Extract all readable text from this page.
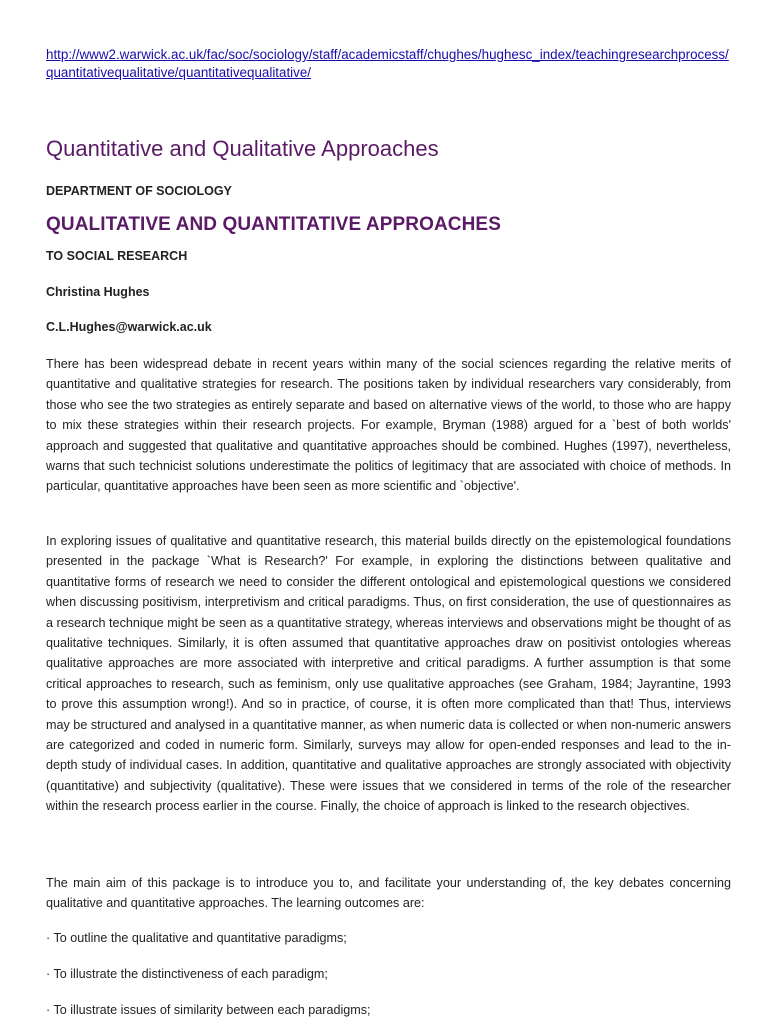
http://www2.warwick.ac.uk/fac/soc/sociology/staff/academicstaff/chughes/hughesc_index/teachingresearchprocess/quantitativequalitative/quantitativequalitative/
Quantitative and Qualitative Approaches

DEPARTMENT OF SOCIOLOGY

QUALITATIVE AND QUANTITATIVE APPROACHES

TO SOCIAL RESEARCH

Christina Hughes

C.L.Hughes@warwick.ac.uk

There has been widespread debate in recent years within many of the social sciences regarding the relative merits of quantitative and qualitative strategies for research. The positions taken by individual researchers vary considerably, from those who see the two strategies as entirely separate and based on alternative views of the world, to those who are happy to mix these strategies within their research projects. For example, Bryman (1988) argued for a `best of both worlds' approach and suggested that qualitative and quantitative approaches should be combined. Hughes (1997), nevertheless, warns that such technicist solutions underestimate the politics of legitimacy that are associated with choice of methods. In particular, quantitative approaches have been seen as more scientific and `objective'.

In exploring issues of qualitative and quantitative research, this material builds directly on the epistemological foundations presented in the package `What is Research?' For example, in exploring the distinctions between qualitative and quantitative forms of research we need to consider the different ontological and epistemological questions we considered when discussing positivism, interpretivism and critical paradigms. Thus, on first consideration, the use of questionnaires as a research technique might be seen as a quantitative strategy, whereas interviews and observations might be thought of as qualitative techniques. Similarly, it is often assumed that quantitative approaches draw on positivist ontologies whereas qualitative approaches are more associated with interpretive and critical paradigms. A further assumption is that some critical approaches to research, such as feminism, only use qualitative approaches (see Graham, 1984; Jayrantine, 1993 to prove this assumption wrong!). And so in practice, of course, it is often more complicated than that! Thus, interviews may be structured and analysed in a quantitative manner, as when numeric data is collected or when non-numeric answers are categorized and coded in numeric form. Similarly, surveys may allow for open-ended responses and lead to the in-depth study of individual cases. In addition, quantitative and qualitative approaches are strongly associated with objectivity (quantitative) and subjectivity (qualitative). These were issues that we considered in terms of the role of the researcher within the research process earlier in the course. Finally, the choice of approach is linked to the research objectives.

The main aim of this package is to introduce you to, and facilitate your understanding of, the key debates concerning qualitative and quantitative approaches. The learning outcomes are:

· To outline the qualitative and quantitative paradigms;

· To illustrate the distinctiveness of each paradigm;

· To illustrate issues of similarity between each paradigms;
